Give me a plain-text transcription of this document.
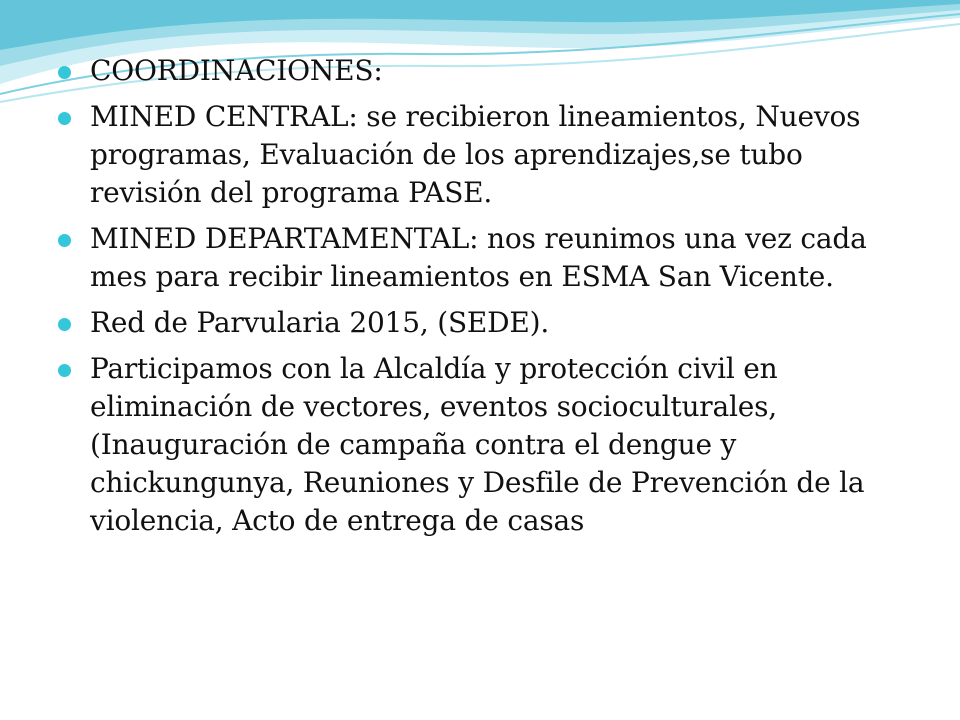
COORDINACIONES:
MINED CENTRAL: se recibieron lineamientos, Nuevos programas, Evaluación de los aprendizajes,se tubo revisión del programa PASE.
MINED DEPARTAMENTAL: nos reunimos una vez cada mes para recibir lineamientos en ESMA San Vicente.
Red de Parvularia 2015, (SEDE).
Participamos con la Alcaldía y protección civil en eliminación de vectores, eventos socioculturales,(Inauguración de campaña contra el dengue y chickungunya, Reuniones y Desfile de Prevención de la violencia, Acto de entrega de casas
